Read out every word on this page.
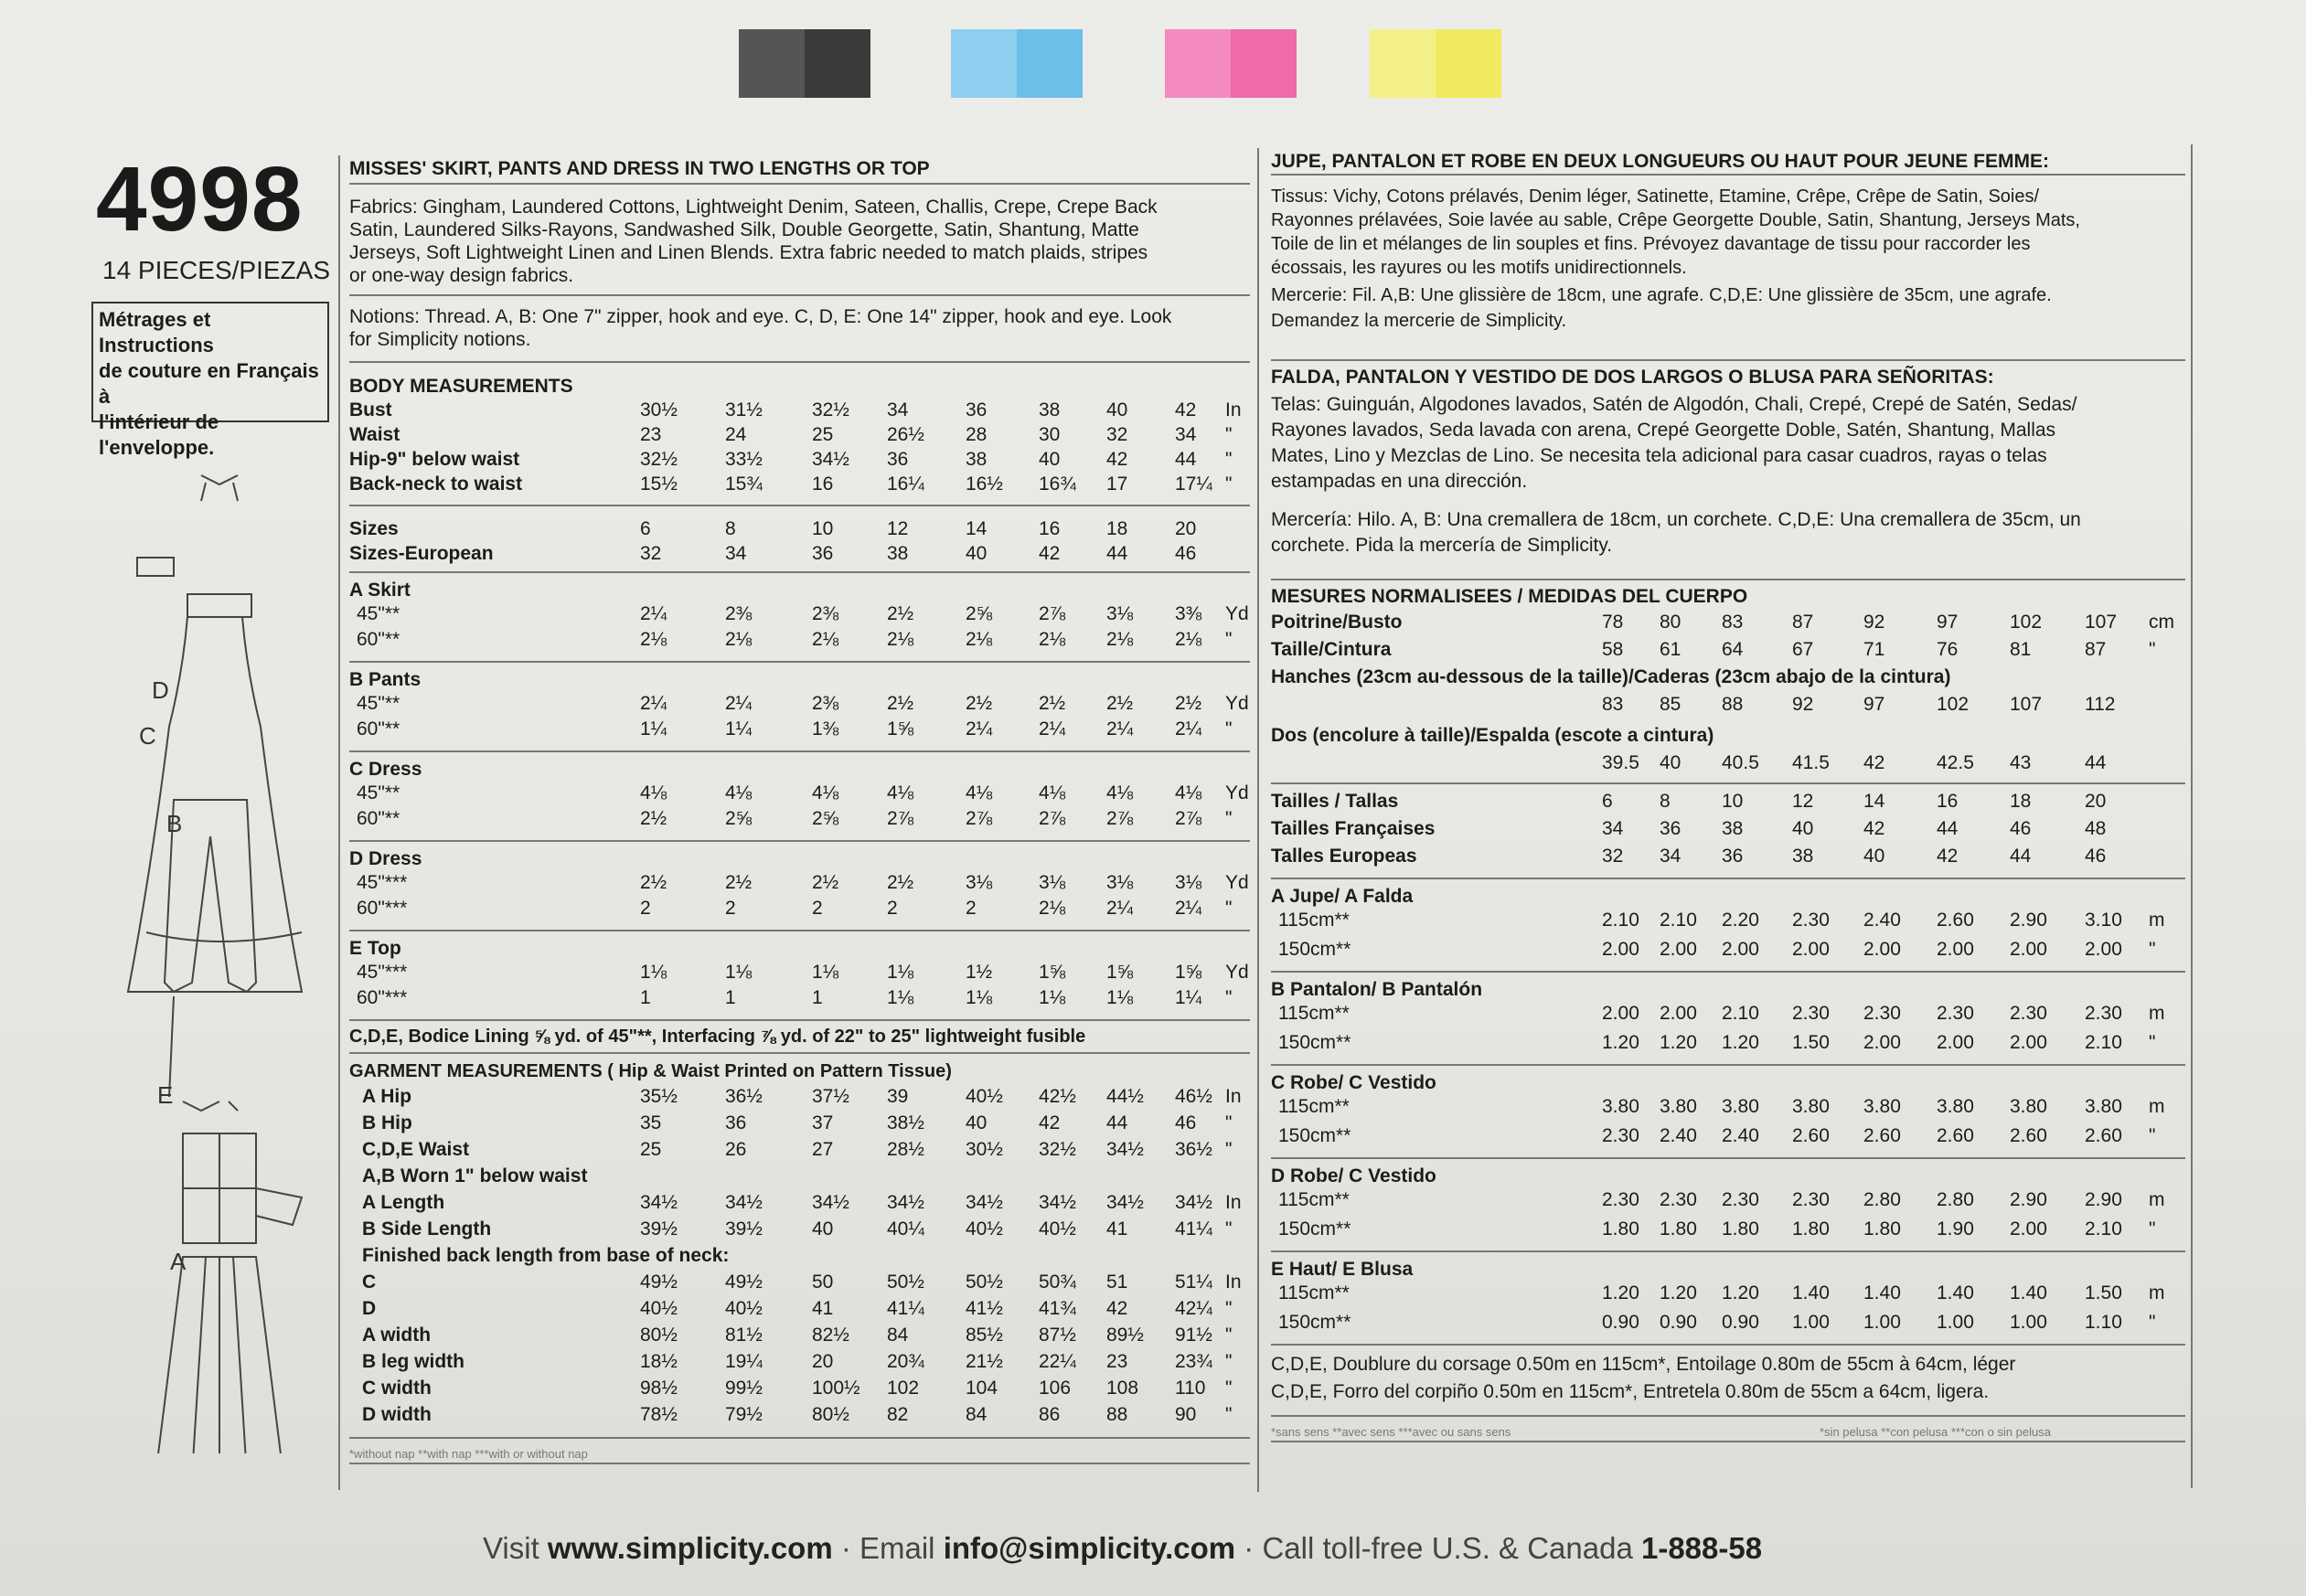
4998
14 PIECES/PIEZAS
Métrages et Instructions
de couture en Français à
l'intérieur de
l'enveloppe.
D
C
B
E
A
MISSES' SKIRT, PANTS AND DRESS IN TWO LENGTHS OR TOP
Fabrics: Gingham, Laundered Cottons, Lightweight Denim, Sateen, Challis, Crepe, Crepe Back
Satin, Laundered Silks-Rayons, Sandwashed Silk, Double Georgette, Satin, Shantung, Matte
Jerseys, Soft Lightweight Linen and Linen Blends. Extra fabric needed to match plaids, stripes
or one-way design fabrics.
Notions: Thread. A, B: One 7" zipper, hook and eye. C, D, E: One 14" zipper, hook and eye. Look
for Simplicity notions.
BODY MEASUREMENTS
Bust	30½ 31½	32½ 34	36	38 40 42 In
Waist	23	24	25	26½ 28	30 32 34 "
Hip-9" below waist	32½ 33½	34½ 36	38	40 42 44 "
Back-neck to waist	15½ 15¾	16	16¼ 16½ 16¾ 17 17¼ "
Sizes	6	8	10	12	14	16 18 20
Sizes-European	32	34	36	38	40	42 44 46
A Skirt
45"**	2¼	2⅜	2⅜	2½	2⅝ 2⅞ 3⅛ 3⅜ Yd
60"**	2⅛	2⅛	2⅛	2⅛	2⅛ 2⅛ 2⅛ 2⅛ "
B Pants
45"**	2¼	2¼	2⅜	2½	2½ 2½ 2½ 2½ Yd
60"**	1¼	1¼	1⅜	1⅝	2¼ 2¼ 2¼ 2¼ "
C Dress
45"**	4⅛	4⅛	4⅛	4⅛	4⅛ 4⅛ 4⅛ 4⅛ Yd
60"**	2½	2⅝	2⅝	2⅞	2⅞ 2⅞ 2⅞ 2⅞ "
D Dress
45"***	2½	2½	2½	2½	3⅛ 3⅛ 3⅛ 3⅛ Yd
60"***	2	2	2	2	2	2⅛ 2¼ 2¼ "
E Top
45"***	1⅛	1⅛	1⅛	1⅛	1½ 1⅝ 1⅝ 1⅝ Yd
60"***	1	1	1	1⅛	1⅛ 1⅛ 1⅛ 1¼ "
C,D,E, Bodice Lining ⅝ yd. of 45"**, Interfacing ⅞ yd. of 22" to 25" lightweight fusible
GARMENT MEASUREMENTS ( Hip & Waist Printed on Pattern Tissue)
A Hip	35½ 36½	37½ 39	40½ 42½ 44½ 46½ In
B Hip	35	36	37	38½ 40	42 44 46 "
C,D,E Waist	25	26	27	28½ 30½ 32½ 34½ 36½ "
A,B Worn 1" below waist
A Length	34½ 34½	34½ 34½ 34½ 34½ 34½ 34½ In
B Side Length	39½ 39½	40	40¼ 40½ 40½ 41 41¼ "
Finished back length from base of neck:
C	49½ 49½	50	50½ 50½ 50¾ 51 51¼ In
D	40½ 40½	41	41¼ 41½ 41¾ 42 42¼ "
A width	80½ 81½	82½ 84	85½ 87½ 89½ 91½ "
B leg width	18½ 19¼	20	20¾ 21½ 22¼ 23 23¾ "
C width	98½ 99½	100½ 102 104 106 108 110 "
D width	78½ 79½	80½ 82	84	86 88 90 "
*without nap **with nap ***with or without nap
JUPE, PANTALON ET ROBE EN DEUX LONGUEURS OU HAUT POUR JEUNE FEMME:
Tissus: Vichy, Cotons prélavés, Denim léger, Satinette, Etamine, Crêpe, Crêpe de Satin, Soies/
Rayonnes prélavées, Soie lavée au sable, Crêpe Georgette Double, Satin, Shantung, Jerseys Mats,
Toile de lin et mélanges de lin souples et fins. Prévoyez davantage de tissu pour raccorder les
écossais, les rayures ou les motifs unidirectionnels.
Mercerie: Fil. A,B: Une glissière de 18cm, une agrafe. C,D,E: Une glissière de 35cm, une agrafe.
Demandez la mercerie de Simplicity.
FALDA, PANTALON Y VESTIDO DE DOS LARGOS O BLUSA PARA SEÑORITAS:
Telas: Guinguán, Algodones lavados, Satén de Algodón, Chali, Crepé, Crepé de Satén, Sedas/
Rayones lavados, Seda lavada con arena, Crepé Georgette Doble, Satén, Shantung, Mallas
Mates, Lino y Mezclas de Lino. Se necesita tela adicional para casar cuadros, rayas o telas
estampadas en una dirección.
Mercería: Hilo. A, B: Una cremallera de 18cm, un corchete. C,D,E: Una cremallera de 35cm, un
corchete. Pida la mercería de Simplicity.
MESURES NORMALISEES / MEDIDAS DEL CUERPO
Poitrine/Busto	78 80 83	87	92	97	102 107 cm
Taille/Cintura	58 61 64	67	71	76	81	87 "
Hanches (23cm au-dessous de la taille)/Caderas (23cm abajo de la cintura)
83 85 88	92	97	102 107 112
Dos (encolure à taille)/Espalda (escote a cintura)
39.5 40 40.5 41.5 42	42.5 43	44
Tailles / Tallas	6 8	10	12	14	16	18	20
Tailles Françaises	34 36 38	40	42	44	46	48
Talles Europeas	32 34 36	38	40	42	44	46
A Jupe/ A Falda
115cm**	2.10 2.10 2.20 2.30 2.40 2.60 2.90 3.10 m
150cm**	2.00 2.00 2.00 2.00 2.00 2.00 2.00 2.00 "
B Pantalon/ B Pantalón
115cm**	2.00 2.00 2.10 2.30 2.30 2.30 2.30 2.30 m
150cm**	1.20 1.20 1.20 1.50 2.00 2.00 2.00 2.10 "
C Robe/ C Vestido
115cm**	3.80 3.80 3.80 3.80 3.80 3.80 3.80 3.80 m
150cm**	2.30 2.40 2.40 2.60 2.60 2.60 2.60 2.60 "
D Robe/ C Vestido
115cm**	2.30 2.30 2.30 2.30 2.80 2.80 2.90 2.90 m
150cm**	1.80 1.80 1.80 1.80 1.80 1.90 2.00 2.10 "
E Haut/ E Blusa
115cm**	1.20 1.20 1.20 1.40 1.40 1.40 1.40 1.50 m
150cm**	0.90 0.90 0.90 1.00 1.00 1.00 1.00 1.10 "
C,D,E, Doublure du corsage 0.50m en 115cm*, Entoilage 0.80m de 55cm à 64cm, léger
C,D,E, Forro del corpiño 0.50m en 115cm*, Entretela 0.80m de 55cm a 64cm, ligera.
*sans sens **avec sens ***avec ou sans sens	*sin pelusa **con pelusa ***con o sin pelusa
Visit www.simplicity.com · Email info@simplicity.com · Call toll-free U.S. & Canada 1-888-58
